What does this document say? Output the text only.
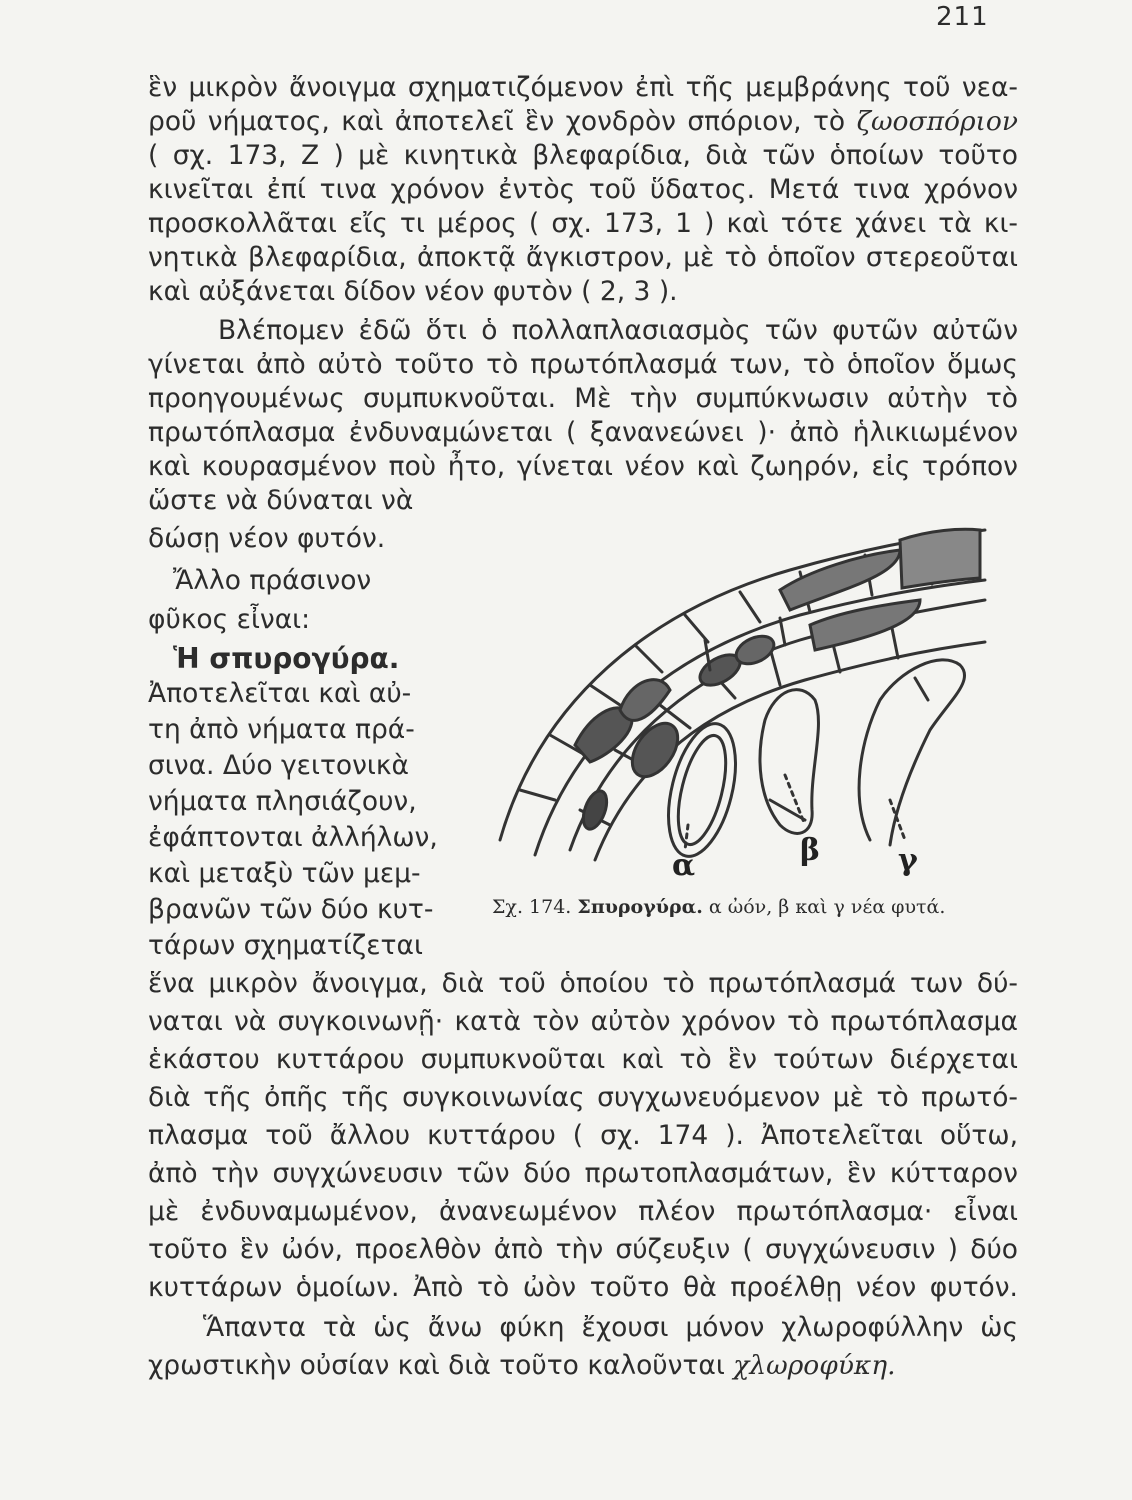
211
ἓν μικρὸν ἄνοιγμα σχηματιζόμενον ἐπὶ τῆς μεμβράνης τοῦ νεα-
ροῦ νήματος, καὶ ἀποτελεῖ ἓν χονδρὸν σπόριον, τὸ ζωοσπόριον
( σχ. 173, Ζ ) μὲ κινητικὰ βλεφαρίδια, διὰ τῶν ὁποίων τοῦτο
κινεῖται ἐπί τινα χρόνον ἐντὸς τοῦ ὕδατος. Μετά τινα χρόνον
προσκολλᾶται εἴς τι μέρος ( σχ. 173, 1 ) καὶ τότε χάνει τὰ κι-
νητικὰ βλεφαρίδια, ἀποκτᾷ ἄγκιστρον, μὲ τὸ ὁποῖον στερεοῦται
καὶ αὐξάνεται δίδον νέον φυτὸν ( 2, 3 ).
Βλέπομεν ἐδῶ ὅτι ὁ πολλαπλασιασμὸς τῶν φυτῶν αὐτῶν
γίνεται ἀπὸ αὐτὸ τοῦτο τὸ πρωτόπλασμά των, τὸ ὁποῖον ὅμως
προηγουμένως συμπυκνοῦται. Μὲ τὴν συμπύκνωσιν αὐτὴν τὸ
πρωτόπλασμα ἐνδυναμώνεται ( ξανανεώνει )· ἀπὸ ἡλικιωμένον
καὶ κουρασμένον ποὺ ἦτο, γίνεται νέον καὶ ζωηρόν, εἰς τρόπον
ὥστε νὰ δύναται νὰ
δώσῃ νέον φυτόν.
Ἄλλο πράσινον
φῦκος εἶναι:
Ἡ σπυρογύρα.
Ἀποτελεῖται καὶ αὐ-
τη ἀπὸ νήματα πρά-
σινα. Δύο γειτονικὰ
νήματα πλησιάζουν,
ἐφάπτονται ἀλλήλων,
καὶ μεταξὺ τῶν μεμ-
βρανῶν τῶν δύο κυτ-
τάρων σχηματίζεται
α	β	γ
Σχ. 174. Σπυρογύρα. α ὠόν, β καὶ γ νέα φυτά.
ἕνα μικρὸν ἄνοιγμα, διὰ τοῦ ὁποίου τὸ πρωτόπλασμά των δύ-
ναται νὰ συγκοινωνῇ· κατὰ τὸν αὐτὸν χρόνον τὸ πρωτόπλασμα
ἑκάστου κυττάρου συμπυκνοῦται καὶ τὸ ἓν τούτων διέρχεται
διὰ τῆς ὀπῆς τῆς συγκοινωνίας συγχωνευόμενον μὲ τὸ πρωτό-
πλασμα τοῦ ἄλλου κυττάρου ( σχ. 174 ). Ἀποτελεῖται οὕτω,
ἀπὸ τὴν συγχώνευσιν τῶν δύο πρωτοπλασμάτων, ἓν κύτταρον
μὲ ἐνδυναμωμένον, ἀνανεωμένον πλέον πρωτόπλασμα· εἶναι
τοῦτο ἓν ὠόν, προελθὸν ἀπὸ τὴν σύζευξιν ( συγχώνευσιν ) δύο
κυττάρων ὁμοίων. Ἀπὸ τὸ ὠὸν τοῦτο θὰ προέλθῃ νέον φυτόν.
Ἅπαντα τὰ ὡς ἄνω φύκη ἔχουσι μόνον χλωροφύλλην ὡς
χρωστικὴν οὐσίαν καὶ διὰ τοῦτο καλοῦνται χλωροφύκη.
